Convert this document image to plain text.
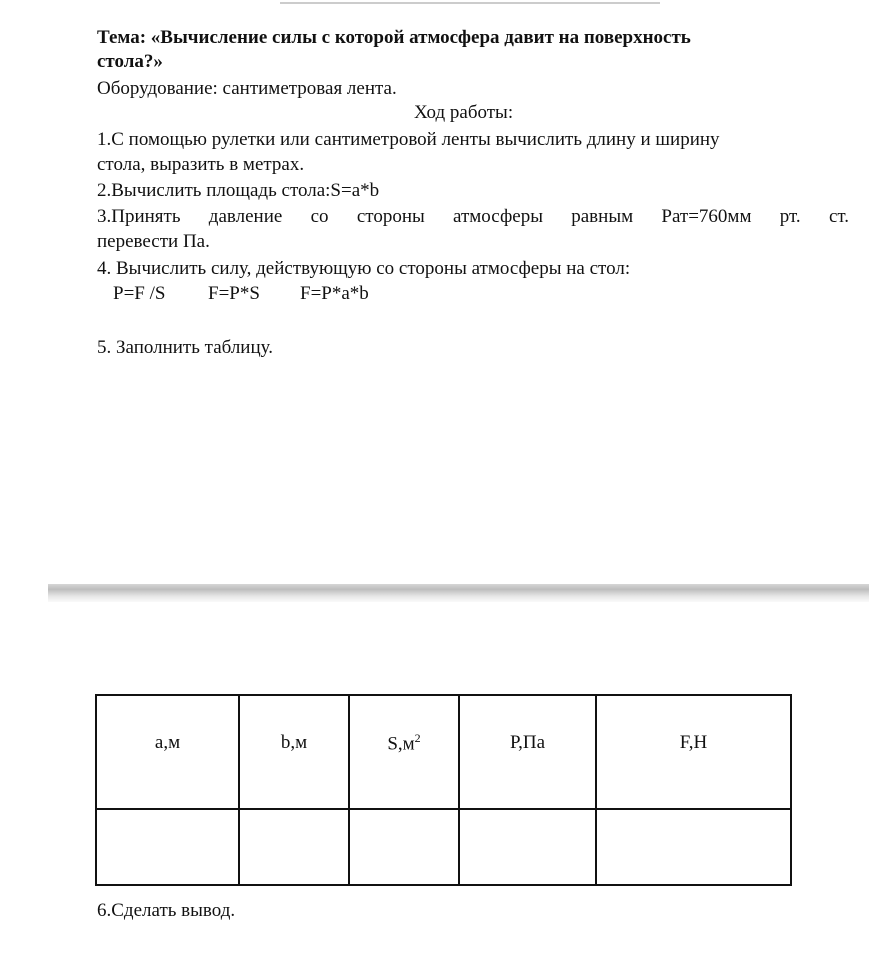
Тема: «Вычисление силы с которой атмосфера давит на поверхность
стола?»
Оборудование: сантиметровая лента.
Ход работы:
1.С помощью рулетки или сантиметровой ленты вычислить длину и ширину
стола, выразить в метрах.
2.Вычислить площадь стола:S=a*b
3.Принять давление со стороны атмосферы равным Рат=760мм рт. ст.
перевести Па.
4. Вычислить силу, действующую со стороны атмосферы на стол:
P=F /S F=P*S F=P*a*b
5. Заполнить таблицу.
а,м	b,м	$S,м^2$	Р,Па	F,Н

6.Сделать вывод.
